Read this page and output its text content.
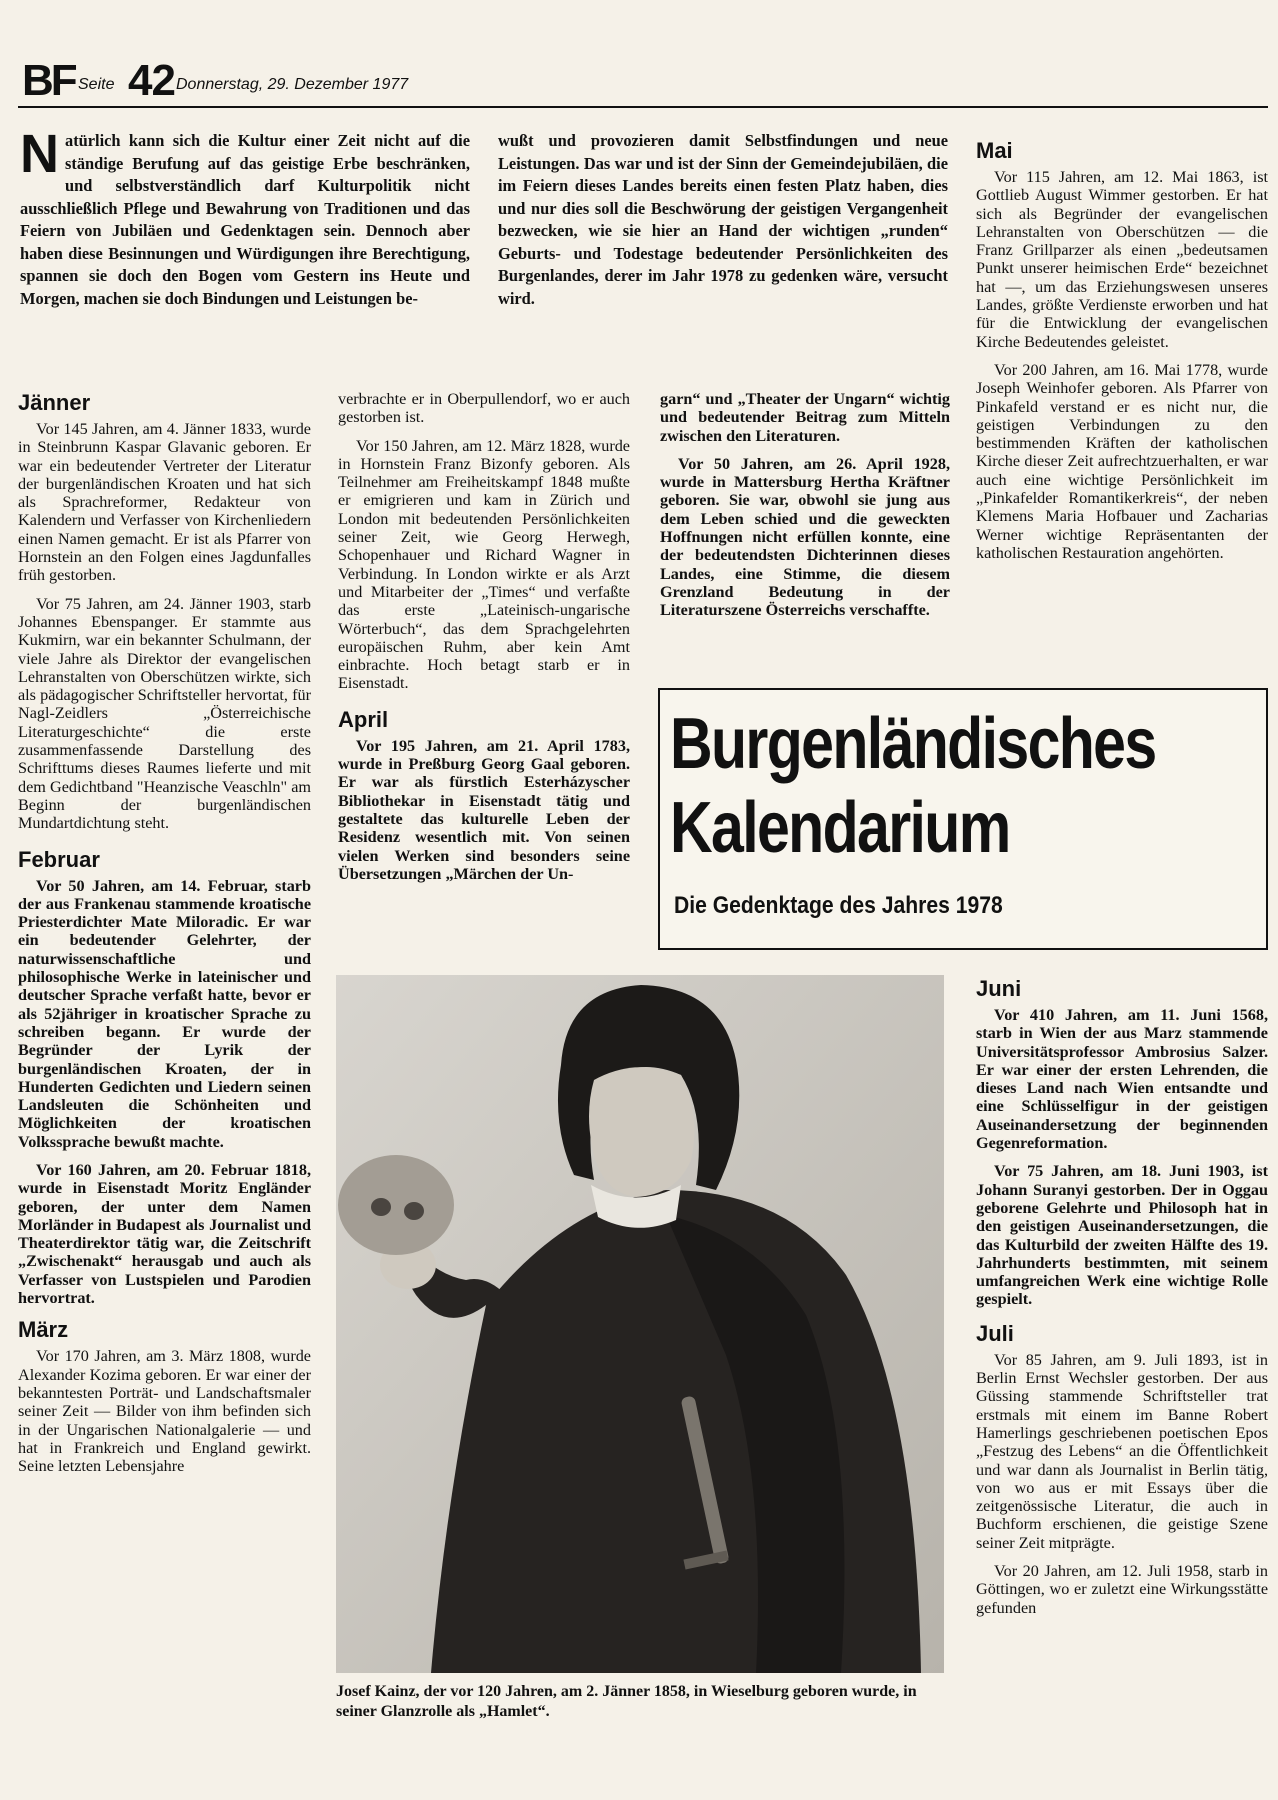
BF Seite 42 Donnerstag, 29. Dezember 1977
Natürlich kann sich die Kultur einer Zeit nicht auf die ständige Berufung auf das geistige Erbe beschränken, und selbstverständlich darf Kulturpolitik nicht ausschließlich Pflege und Bewahrung von Traditionen und das Feiern von Jubiläen und Gedenktagen sein. Dennoch aber haben diese Besinnungen und Würdigungen ihre Berechtigung, spannen sie doch den Bogen vom Gestern ins Heute und Morgen, machen sie doch Bindungen und Leistungen be-
wußt und provozieren damit Selbstfindungen und neue Leistungen. Das war und ist der Sinn der Gemeindejubiläen, die im Feiern dieses Landes bereits einen festen Platz haben, dies und nur dies soll die Beschwörung der geistigen Vergangenheit bezwecken, wie sie hier an Hand der wichtigen „runden“ Geburts- und Todestage bedeutender Persönlichkeiten des Burgenlandes, derer im Jahr 1978 zu gedenken wäre, versucht wird.
Jänner

Vor 145 Jahren, am 4. Jänner 1833, wurde in Steinbrunn Kaspar Glavanic geboren. Er war ein bedeutender Vertreter der Literatur der burgenländischen Kroaten und hat sich als Sprachreformer, Redakteur von Kalendern und Verfasser von Kirchenliedern einen Namen gemacht. Er ist als Pfarrer von Hornstein an den Folgen eines Jagdunfalles früh gestorben.

Vor 75 Jahren, am 24. Jänner 1903, starb Johannes Ebenspanger. Er stammte aus Kukmirn, war ein bekannter Schulmann, der viele Jahre als Direktor der evangelischen Lehranstalten von Oberschützen wirkte, sich als pädagogischer Schriftsteller hervortat, für Nagl-Zeidlers „Österreichische Literaturgeschichte“ die erste zusammenfassende Darstellung des Schrifttums dieses Raumes lieferte und mit dem Gedichtband "Heanzische Veaschln" am Beginn der burgenländischen Mundartdichtung steht.

Februar

Vor 50 Jahren, am 14. Februar, starb der aus Frankenau stammende kroatische Priesterdichter Mate Miloradic. Er war ein bedeutender Gelehrter, der naturwissenschaftliche und philosophische Werke in lateinischer und deutscher Sprache verfaßt hatte, bevor er als 52jähriger in kroatischer Sprache zu schreiben begann. Er wurde der Begründer der Lyrik der burgenländischen Kroaten, der in Hunderten Gedichten und Liedern seinen Landsleuten die Schönheiten und Möglichkeiten der kroatischen Volkssprache bewußt machte.

Vor 160 Jahren, am 20. Februar 1818, wurde in Eisenstadt Moritz Engländer geboren, der unter dem Namen Morländer in Budapest als Journalist und Theaterdirektor tätig war, die Zeitschrift „Zwischenakt“ herausgab und auch als Verfasser von Lustspielen und Parodien hervortrat.

März

Vor 170 Jahren, am 3. März 1808, wurde Alexander Kozima geboren. Er war einer der bekanntesten Porträt- und Landschaftsmaler seiner Zeit — Bilder von ihm befinden sich in der Ungarischen Nationalgalerie — und hat in Frankreich und England gewirkt. Seine letzten Lebensjahre

verbrachte er in Oberpullendorf, wo er auch gestorben ist.

Vor 150 Jahren, am 12. März 1828, wurde in Hornstein Franz Bizonfy geboren. Als Teilnehmer am Freiheitskampf 1848 mußte er emigrieren und kam in Zürich und London mit bedeutenden Persönlichkeiten seiner Zeit, wie Georg Herwegh, Schopenhauer und Richard Wagner in Verbindung. In London wirkte er als Arzt und Mitarbeiter der „Times“ und verfaßte das erste „Lateinisch-ungarische Wörterbuch“, das dem Sprachgelehrten europäischen Ruhm, aber kein Amt einbrachte. Hoch betagt starb er in Eisenstadt.

April

Vor 195 Jahren, am 21. April 1783, wurde in Preßburg Georg Gaal geboren. Er war als fürstlich Esterházyscher Bibliothekar in Eisenstadt tätig und gestaltete das kulturelle Leben der Residenz wesentlich mit. Von seinen vielen Werken sind besonders seine Übersetzungen „Märchen der Un-

garn“ und „Theater der Ungarn“ wichtig und bedeutender Beitrag zum Mitteln zwischen den Literaturen.

Vor 50 Jahren, am 26. April 1928, wurde in Mattersburg Hertha Kräftner geboren. Sie war, obwohl sie jung aus dem Leben schied und die geweckten Hoffnungen nicht erfüllen konnte, eine der bedeutendsten Dichterinnen dieses Landes, eine Stimme, die diesem Grenzland Bedeutung in der Literaturszene Österreichs verschaffte.

Mai

Vor 115 Jahren, am 12. Mai 1863, ist Gottlieb August Wimmer gestorben. Er hat sich als Begründer der evangelischen Lehranstalten von Oberschützen — die Franz Grillparzer als einen „bedeutsamen Punkt unserer heimischen Erde“ bezeichnet hat —, um das Erziehungswesen unseres Landes, größte Verdienste erworben und hat für die Entwicklung der evangelischen Kirche Bedeutendes geleistet.

Vor 200 Jahren, am 16. Mai 1778, wurde Joseph Weinhofer geboren. Als Pfarrer von Pinkafeld verstand er es nicht nur, die geistigen Verbindungen zu den bestimmenden Kräften der katholischen Kirche dieser Zeit aufrechtzuerhalten, er war auch eine wichtige Persönlichkeit im „Pinkafelder Romantikerkreis“, der neben Klemens Maria Hofbauer und Zacharias Werner wichtige Repräsentanten der katholischen Restauration angehörten.

Burgenländisches
Kalendarium
Die Gedenktage des Jahres 1978
Josef Kainz, der vor 120 Jahren, am 2. Jänner 1858, in Wieselburg geboren wurde, in seiner Glanzrolle als „Hamlet“.
Juni

Vor 410 Jahren, am 11. Juni 1568, starb in Wien der aus Marz stammende Universitätsprofessor Ambrosius Salzer. Er war einer der ersten Lehrenden, die dieses Land nach Wien entsandte und eine Schlüsselfigur in der geistigen Auseinandersetzung der beginnenden Gegenreformation.

Vor 75 Jahren, am 18. Juni 1903, ist Johann Suranyi gestorben. Der in Oggau geborene Gelehrte und Philosoph hat in den geistigen Auseinandersetzungen, die das Kulturbild der zweiten Hälfte des 19. Jahrhunderts bestimmten, mit seinem umfangreichen Werk eine wichtige Rolle gespielt.

Juli

Vor 85 Jahren, am 9. Juli 1893, ist in Berlin Ernst Wechsler gestorben. Der aus Güssing stammende Schriftsteller trat erstmals mit einem im Banne Robert Hamerlings geschriebenen poetischen Epos „Festzug des Lebens“ an die Öffentlichkeit und war dann als Journalist in Berlin tätig, von wo aus er mit Essays über die zeitgenössische Literatur, die auch in Buchform erschienen, die geistige Szene seiner Zeit mitprägte.

Vor 20 Jahren, am 12. Juli 1958, starb in Göttingen, wo er zuletzt eine Wirkungsstätte gefunden
